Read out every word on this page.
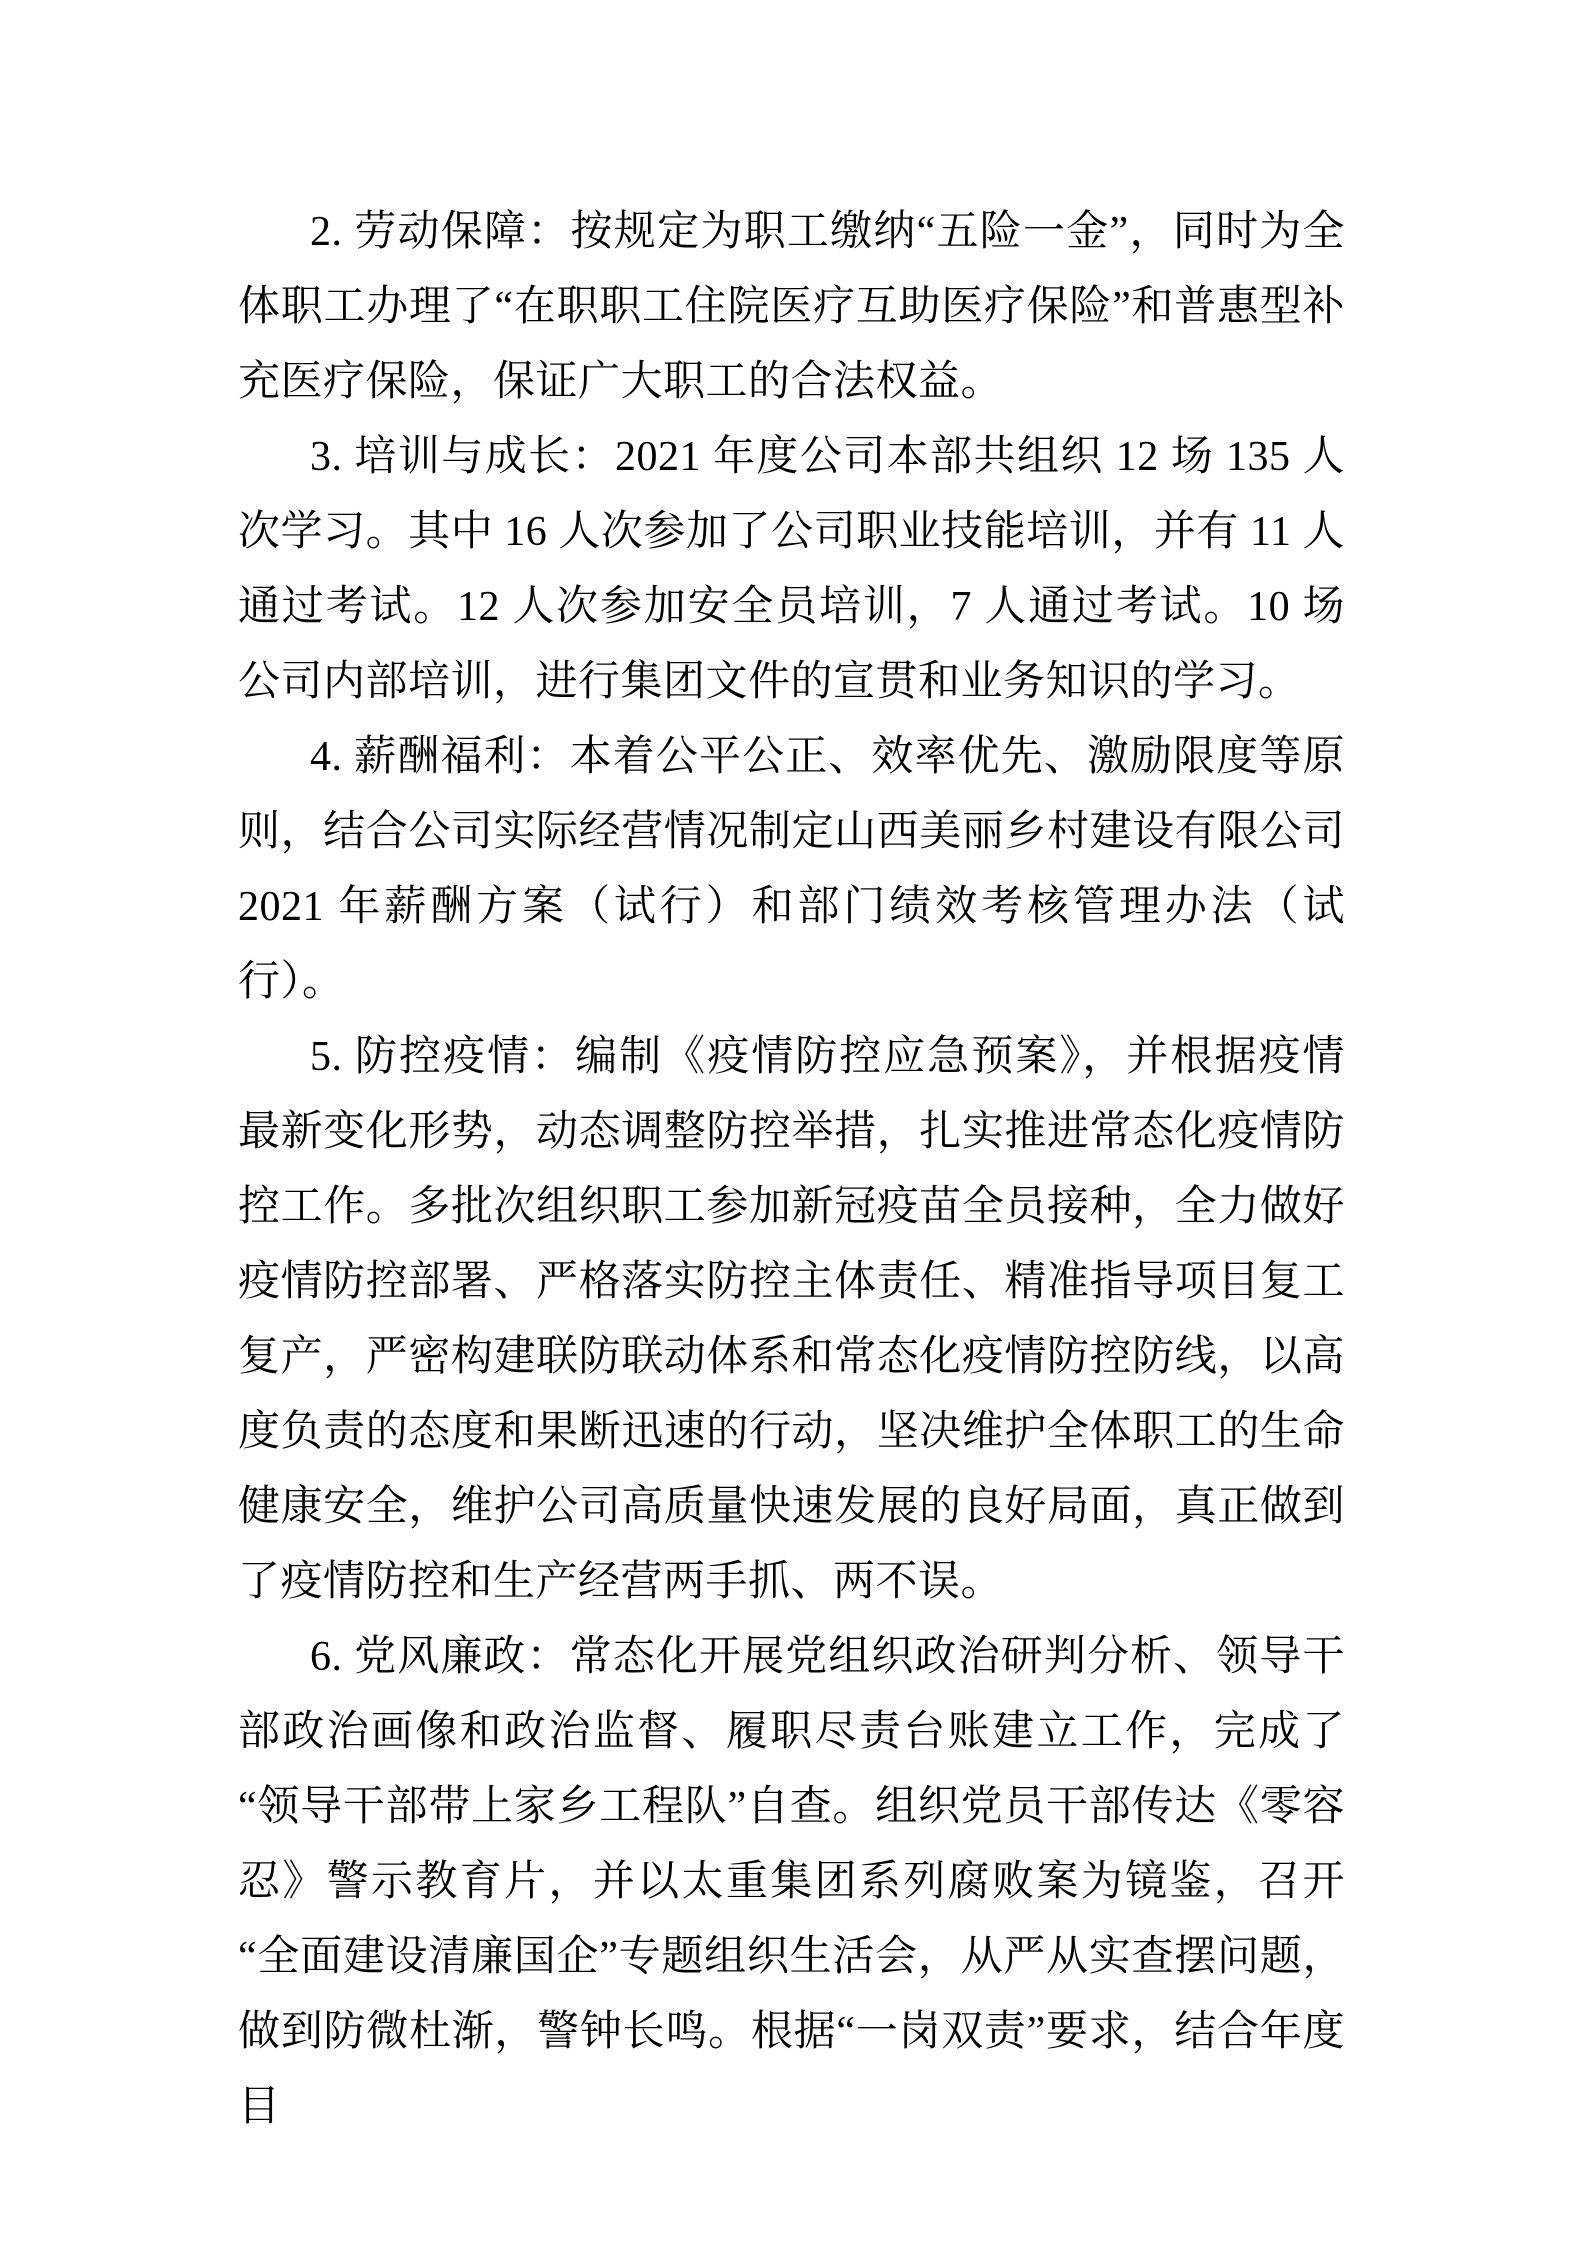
2. 劳动保障：按规定为职工缴纳“五险一金”，同时为全体职工办理了“在职职工住院医疗互助医疗保险”和普惠型补充医疗保险，保证广大职工的合法权益。

3. 培训与成长：2021 年度公司本部共组织 12 场 135 人次学习。其中 16 人次参加了公司职业技能培训，并有 11 人通过考试。12 人次参加安全员培训，7 人通过考试。10 场公司内部培训，进行集团文件的宣贯和业务知识的学习。

4. 薪酬福利：本着公平公正、效率优先、激励限度等原则，结合公司实际经营情况制定山西美丽乡村建设有限公司 2021 年薪酬方案（试行）和部门绩效考核管理办法（试行）。

5. 防控疫情：编制《疫情防控应急预案》，并根据疫情最新变化形势，动态调整防控举措，扎实推进常态化疫情防控工作。多批次组织职工参加新冠疫苗全员接种，全力做好疫情防控部署、严格落实防控主体责任、精准指导项目复工复产，严密构建联防联动体系和常态化疫情防控防线，以高度负责的态度和果断迅速的行动，坚决维护全体职工的生命健康安全，维护公司高质量快速发展的良好局面，真正做到了疫情防控和生产经营两手抓、两不误。

6. 党风廉政：常态化开展党组织政治研判分析、领导干部政治画像和政治监督、履职尽责台账建立工作，完成了“领导干部带上家乡工程队”自查。组织党员干部传达《零容忍》警示教育片，并以太重集团系列腐败案为镜鉴，召开“全面建设清廉国企”专题组织生活会，从严从实查摆问题，做到防微杜渐，警钟长鸣。根据“一岗双责”要求，结合年度目
